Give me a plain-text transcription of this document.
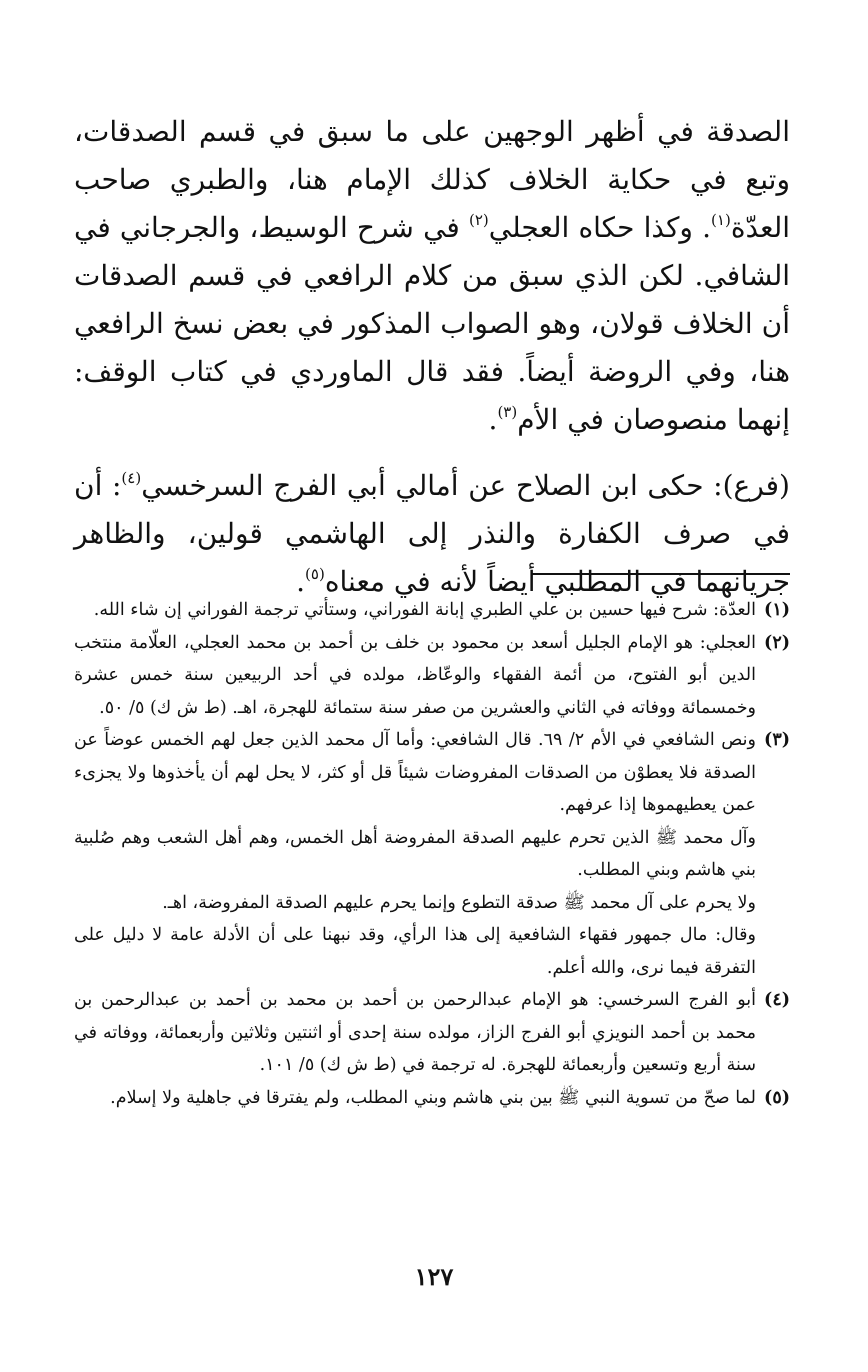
الصدقة في أظهر الوجهين على ما سبق في قسم الصدقات، وتبع في حكاية الخلاف كذلك الإمام هنا، والطبري صاحب العدّة$^{(١)}$. وكذا حكاه العجلي$^{(٢)}$ في شرح الوسيط، والجرجاني في الشافي. لكن الذي سبق من كلام الرافعي في قسم الصدقات أن الخلاف قولان، وهو الصواب المذكور في بعض نسخ الرافعي هنا، وفي الروضة أيضاً. فقد قال الماوردي في كتاب الوقف: إنهما منصوصان في الأم$^{(٣)}$.

(فرع): حكى ابن الصلاح عن أمالي أبي الفرج السرخسي$^{(٤)}$: أن في صرف الكفارة والنذر إلى الهاشمي قولين، والظاهر جريانهما في المطلبي أيضاً لأنه في معناه$^{(٥)}$.

(١)
العدّة: شرح فيها حسين بن علي الطبري إبانة الفوراني، وستأتي ترجمة الفوراني إن شاء الله.
(٢)
العجلي: هو الإمام الجليل أسعد بن محمود بن خلف بن أحمد بن محمد العجلي، العلّامة منتخب الدين أبو الفتوح، من أئمة الفقهاء والوعّاظ، مولده في أحد الربيعين سنة خمس عشرة وخمسمائة ووفاته في الثاني والعشرين من صفر سنة ستمائة للهجرة، اهـ. (ط ش ك) ٥/ ٥٠.
(٣)
ونص الشافعي في الأم ٢/ ٦٩. قال الشافعي: وأما آل محمد الذين جعل لهم الخمس عوضاً عن الصدقة فلا يعطوْن من الصدقات المفروضات شيئاً قل أو كثر، لا يحل لهم أن يأخذوها ولا يجزىء عمن يعطيهموها إذا عرفهم.
وآل محمد ﷺ الذين تحرم عليهم الصدقة المفروضة أهل الخمس، وهم أهل الشعب وهم صُلبية بني هاشم وبني المطلب.
ولا يحرم على آل محمد ﷺ صدقة التطوع وإنما يحرم عليهم الصدقة المفروضة، اهـ.
وقال: مال جمهور فقهاء الشافعية إلى هذا الرأي، وقد نبهنا على أن الأدلة عامة لا دليل على التفرقة فيما نرى، والله أعلم.
(٤)
أبو الفرج السرخسي: هو الإمام عبدالرحمن بن أحمد بن محمد بن أحمد بن عبدالرحمن بن محمد بن أحمد النويزي أبو الفرج الزاز، مولده سنة إحدى أو اثنتين وثلاثين وأربعمائة، ووفاته في سنة أربع وتسعين وأربعمائة للهجرة. له ترجمة في (ط ش ك) ٥/ ١٠١.
(٥)
لما صحّ من تسوية النبي ﷺ بين بني هاشم وبني المطلب، ولم يفترقا في جاهلية ولا إسلام.
١٢٧
